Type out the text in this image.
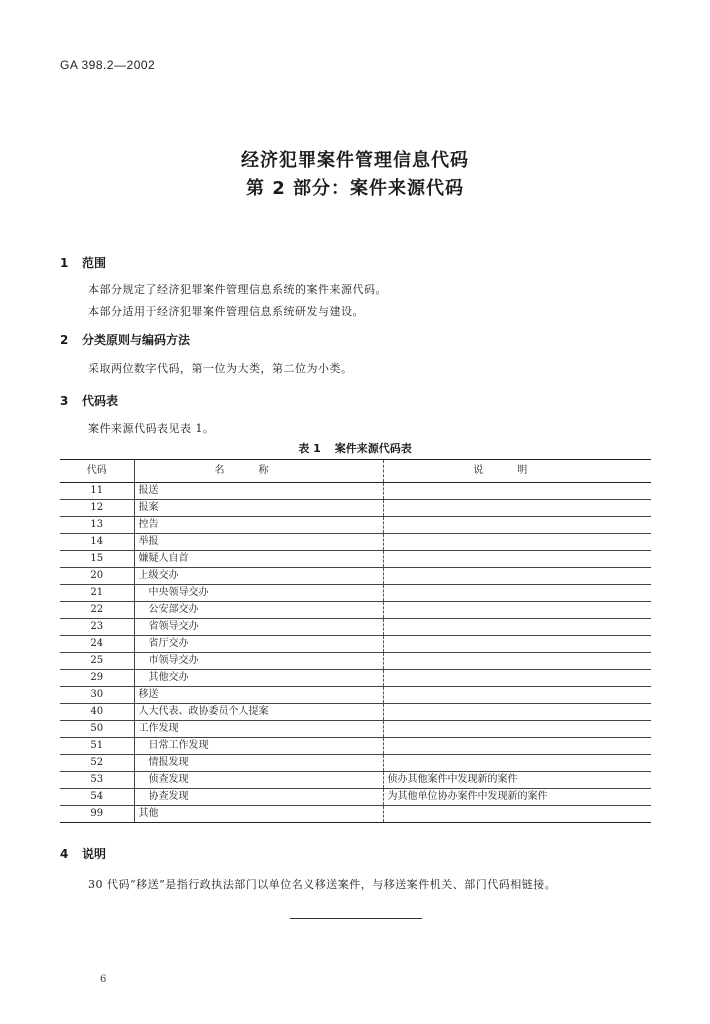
GA 398.2—2002
经济犯罪案件管理信息代码
第 2 部分：案件来源代码
1 范围
本部分规定了经济犯罪案件管理信息系统的案件来源代码。
本部分适用于经济犯罪案件管理信息系统研发与建设。
2 分类原则与编码方法
采取两位数字代码，第一位为大类，第二位为小类。
3 代码表
案件来源代码表见表 1。
表 1 案件来源代码表
代码	名称	说明
11	报送	
12	报案	
13	控告	
14	举报	
15	嫌疑人自首	
20	上级交办	
21	中央领导交办	
22	公安部交办	
23	省领导交办	
24	省厅交办	
25	市领导交办	
29	其他交办	
30	移送	
40	人大代表、政协委员个人提案	
50	工作发现	
51	日常工作发现	
52	情报发现	
53	侦查发现	侦办其他案件中发现新的案件
54	协查发现	为其他单位协办案件中发现新的案件
99	其他	
4 说明
30 代码“移送”是指行政执法部门以单位名义移送案件，与移送案件机关、部门代码相链接。
6
